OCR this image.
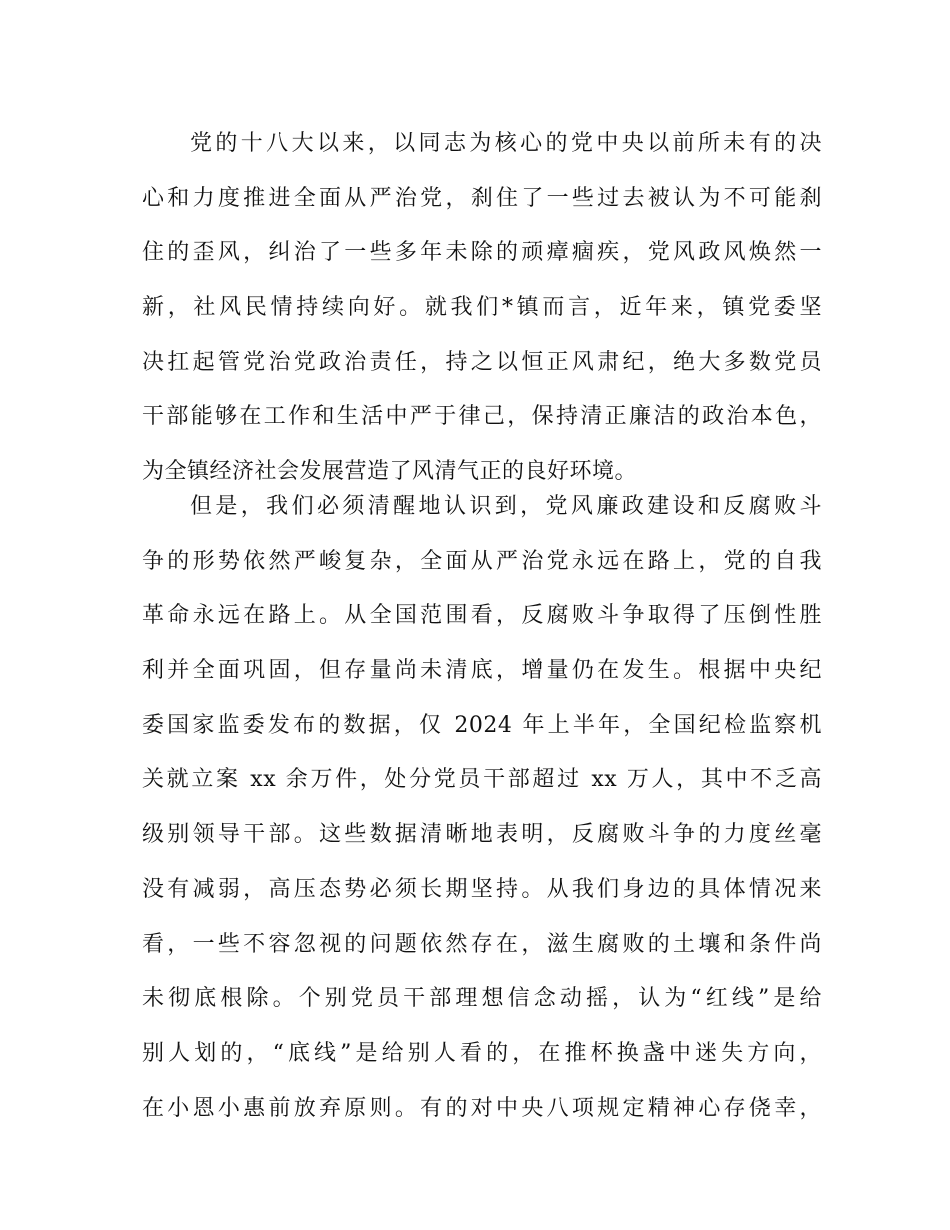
党的十八大以来，以同志为核心的党中央以前所未有的决
心和力度推进全面从严治党，刹住了一些过去被认为不可能刹
住的歪风，纠治了一些多年未除的顽瘴痼疾，党风政风焕然一
新，社风民情持续向好。就我们*镇而言，近年来，镇党委坚
决扛起管党治党政治责任，持之以恒正风肃纪，绝大多数党员
干部能够在工作和生活中严于律己，保持清正廉洁的政治本色，
为全镇经济社会发展营造了风清气正的良好环境。
但是，我们必须清醒地认识到，党风廉政建设和反腐败斗
争的形势依然严峻复杂，全面从严治党永远在路上，党的自我
革命永远在路上。从全国范围看，反腐败斗争取得了压倒性胜
利并全面巩固，但存量尚未清底，增量仍在发生。根据中央纪
委国家监委发布的数据，仅 2024 年上半年，全国纪检监察机
关就立案 xx 余万件，处分党员干部超过 xx 万人，其中不乏高
级别领导干部。这些数据清晰地表明，反腐败斗争的力度丝毫
没有减弱，高压态势必须长期坚持。从我们身边的具体情况来
看，一些不容忽视的问题依然存在，滋生腐败的土壤和条件尚
未彻底根除。个别党员干部理想信念动摇，认为“红线”是给
别人划的，“底线”是给别人看的，在推杯换盏中迷失方向，
在小恩小惠前放弃原则。有的对中央八项规定精神心存侥幸，
